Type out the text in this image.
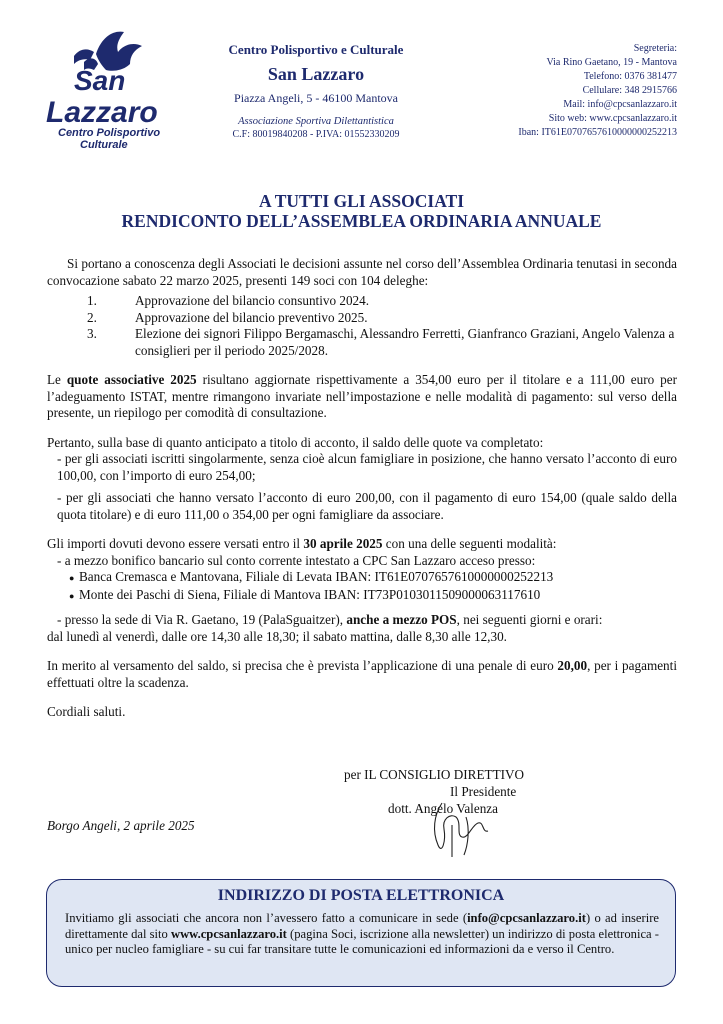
San
Lazzaro
Centro Polisportivo
Culturale
Centro Polisportivo e Culturale
San Lazzaro
Piazza Angeli, 5 - 46100 Mantova
Associazione Sportiva Dilettantistica
C.F: 80019840208 - P.IVA: 01552330209
Segreteria:
Via Rino Gaetano, 19 - Mantova
Telefono: 0376 381477
Cellulare: 348 2915766
Mail: info@cpcsanlazzaro.it
Sito web: www.cpcsanlazzaro.it
Iban: IT61E0707657610000000252213
A TUTTI GLI ASSOCIATI
RENDICONTO DELL’ASSEMBLEA ORDINARIA ANNUALE

Si portano a conoscenza degli Associati le decisioni assunte nel corso dell’Assemblea Ordinaria tenutasi in seconda convocazione sabato 22 marzo 2025, presenti 149 soci con 104 deleghe:

1.	Approvazione del bilancio consuntivo 2024.
2.	Approvazione del bilancio preventivo 2025.
3.	Elezione dei signori Filippo Bergamaschi, Alessandro Ferretti, Gianfranco Graziani, Angelo Valenza a consiglieri per il periodo 2025/2028.

Le quote associative 2025 risultano aggiornate rispettivamente a 354,00 euro per il titolare e a 111,00 euro per l’adeguamento ISTAT, mentre rimangono invariate nell’impostazione e nelle modalità di pagamento: sul verso della presente, un riepilogo per comodità di consultazione.

Pertanto, sulla base di quanto anticipato a titolo di acconto, il saldo delle quote va completato:

- per gli associati iscritti singolarmente, senza cioè alcun famigliare in posizione, che hanno versato l’acconto di euro 100,00, con l’importo di euro 254,00;

- per gli associati che hanno versato l’acconto di euro 200,00, con il pagamento di euro 154,00 (quale saldo della quota titolare) e di euro 111,00 o 354,00 per ogni famigliare da associare.

Gli importi dovuti devono essere versati entro il 30 aprile 2025 con una delle seguenti modalità:

- a mezzo bonifico bancario sul conto corrente intestato a CPC San Lazzaro acceso presso:

● Banca Cremasca e Mantovana, Filiale di Levata IBAN: IT61E0707657610000000252213

● Monte dei Paschi di Siena, Filiale di Mantova IBAN: IT73P0103011509000063117610

- presso la sede di Via R. Gaetano, 19 (PalaSguaitzer), anche a mezzo POS, nei seguenti giorni e orari:

dal lunedì al venerdì, dalle ore 14,30 alle 18,30; il sabato mattina, dalle 8,30 alle 12,30.

In merito al versamento del saldo, si precisa che è prevista l’applicazione di una penale di euro 20,00, per i pagamenti effettuati oltre la scadenza.

Cordiali saluti.

per IL CONSIGLIO DIRETTIVO
Il Presidente
dott. Angelo Valenza
Borgo Angeli, 2 aprile 2025
INDIRIZZO DI POSTA ELETTRONICA
Invitiamo gli associati che ancora non l’avessero fatto a comunicare in sede (info@cpcsanlazzaro.it) o ad inserire direttamente dal sito www.cpcsanlazzaro.it (pagina Soci, iscrizione alla newsletter) un indirizzo di posta elettronica - unico per nucleo famigliare - su cui far transitare tutte le comunicazioni ed informazioni da e verso il Centro.
